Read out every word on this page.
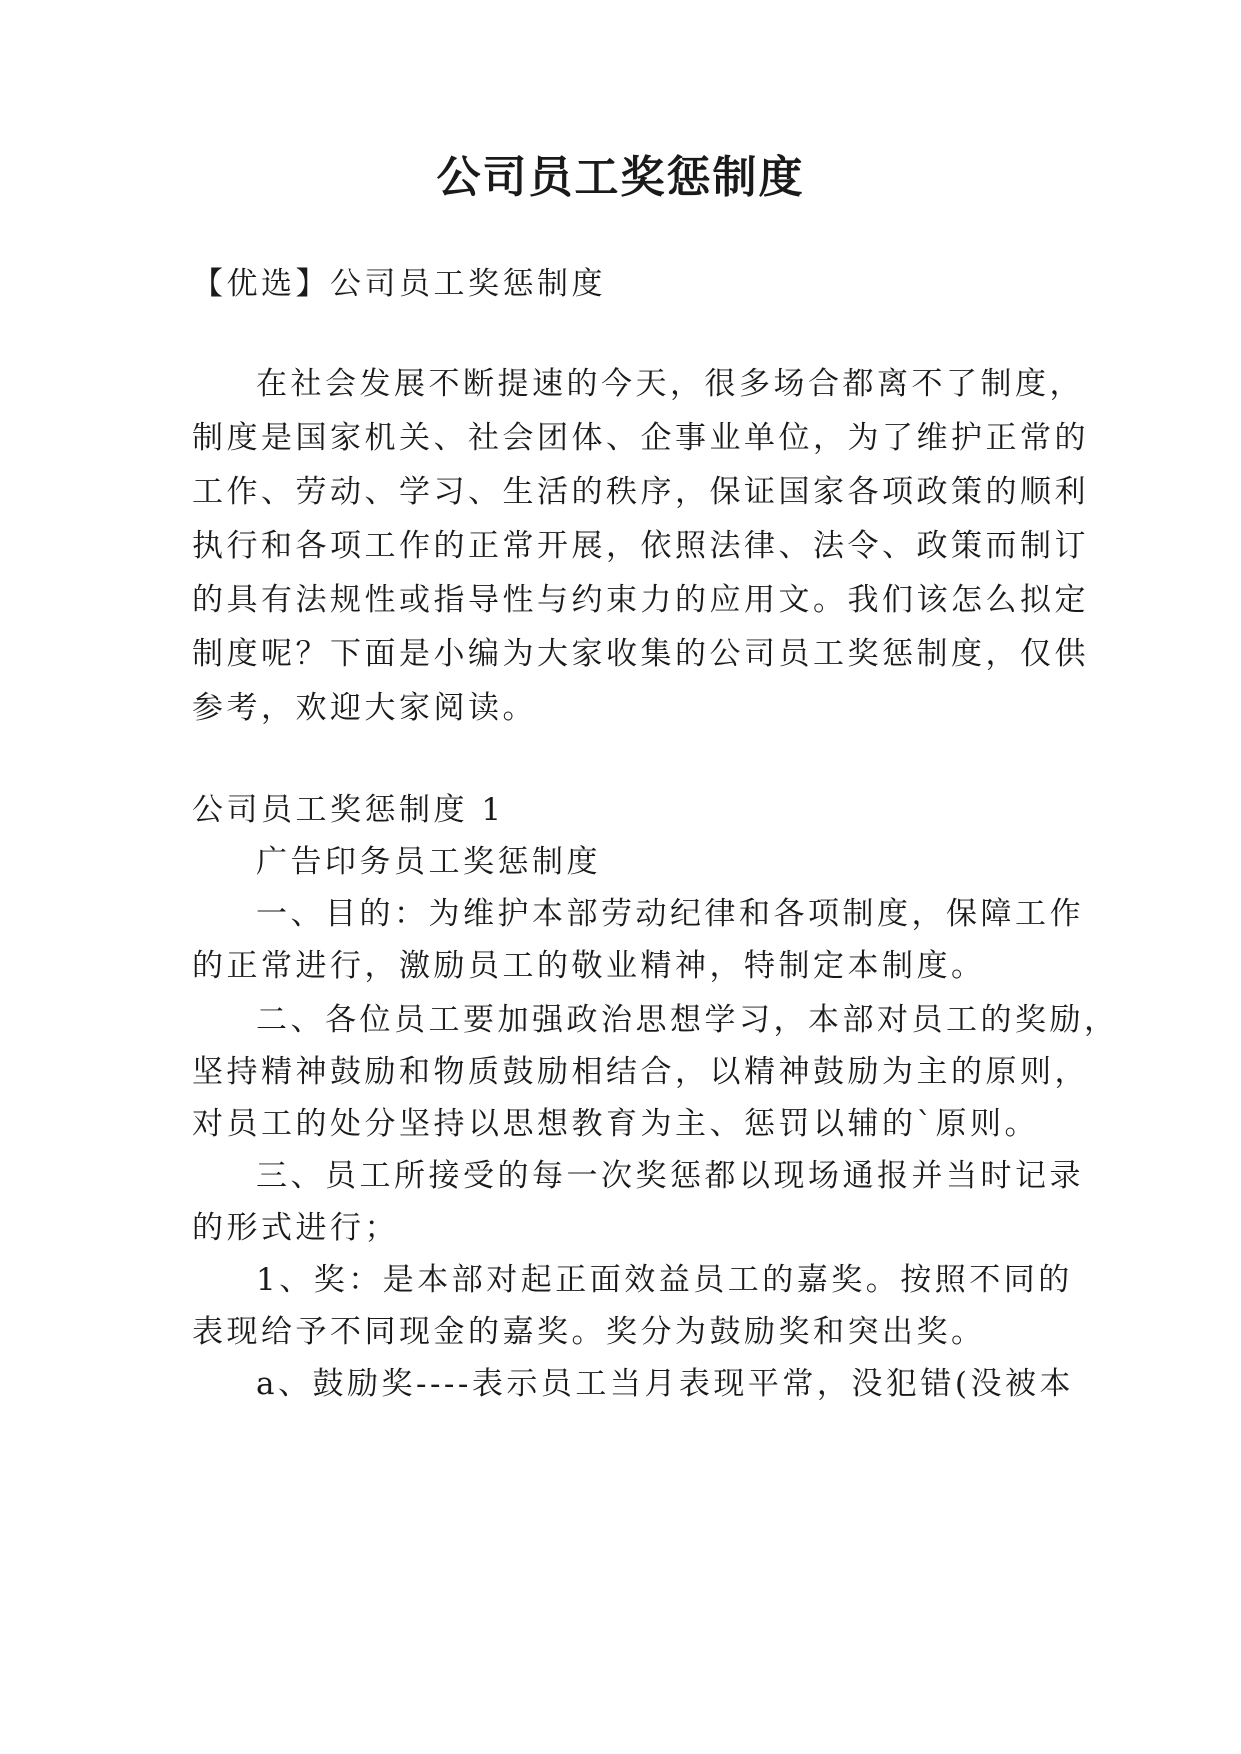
公司员工奖惩制度
【优选】公司员工奖惩制度
在社会发展不断提速的今天，很多场合都离不了制度，
制度是国家机关、社会团体、企事业单位，为了维护正常的
工作、劳动、学习、生活的秩序，保证国家各项政策的顺利
执行和各项工作的正常开展，依照法律、法令、政策而制订
的具有法规性或指导性与约束力的应用文。我们该怎么拟定
制度呢？下面是小编为大家收集的公司员工奖惩制度，仅供
参考，欢迎大家阅读。
公司员工奖惩制度 1
广告印务员工奖惩制度
一、目的：为维护本部劳动纪律和各项制度，保障工作
的正常进行，激励员工的敬业精神，特制定本制度。
二、各位员工要加强政治思想学习，本部对员工的奖励，
坚持精神鼓励和物质鼓励相结合，以精神鼓励为主的原则，
对员工的处分坚持以思想教育为主、惩罚以辅的`原则。
三、员工所接受的每一次奖惩都以现场通报并当时记录
的形式进行；
1、奖：是本部对起正面效益员工的嘉奖。按照不同的
表现给予不同现金的嘉奖。奖分为鼓励奖和突出奖。
a、鼓励奖----表示员工当月表现平常，没犯错(没被本
